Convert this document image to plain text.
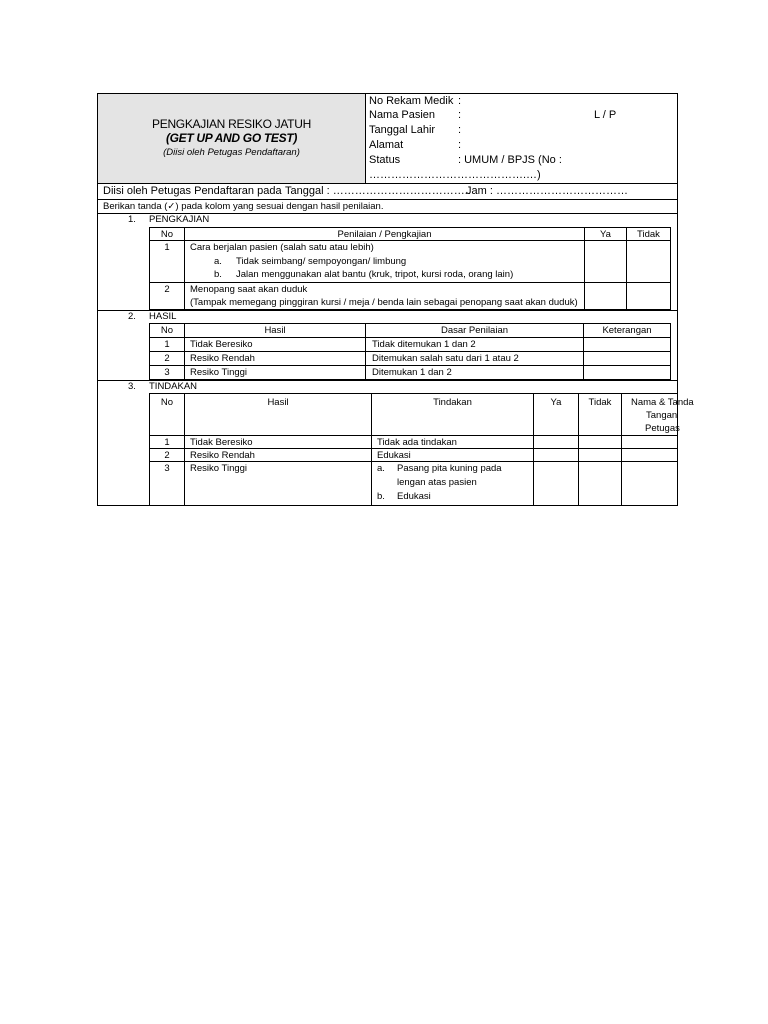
PENGKAJIAN RESIKO JATUH
(GET UP AND GO TEST)
(Diisi oleh Petugas Pendaftaran)
No Rekam Medik :
Nama Pasien :	L / P
Tanggal Lahir :
Alamat	:
Status	: UMUM / BPJS (No :
…………………………………….…)
Diisi oleh Petugas Pendaftaran pada Tanggal : ………………………………..
Jam : ………………………………
Berikan tanda (✓) pada kolom yang sesuai dengan hasil penilaian.
1. PENGKAJIAN
No	Penilaian / Pengkajian	Ya	Tidak
1	Cara berjalan pasien (salah satu atau lebih)
a. Tidak seimbang/ sempoyongan/ limbung
b. Jalan menggunakan alat bantu (kruk, tripot, kursi roda, orang lain)
2	Menopang saat akan duduk
(Tampak memegang pinggiran kursi / meja / benda lain sebagai penopang saat akan duduk)
2. HASIL
No	Hasil	Dasar Penilaian	Keterangan
1	Tidak Beresiko	Tidak ditemukan 1 dan 2
2	Resiko Rendah	Ditemukan salah satu dari 1 atau 2
3	Resiko Tinggi	Ditemukan 1 dan 2
3. TINDAKAN
No	Hasil	Tindakan	Ya	Tidak	Nama & Tanda
Tangan
Petugas
1	Tidak Beresiko	Tidak ada tindakan
2	Resiko Rendah	Edukasi
3	Resiko Tinggi	a. Pasang pita kuning pada
lengan atas pasien
b. Edukasi
